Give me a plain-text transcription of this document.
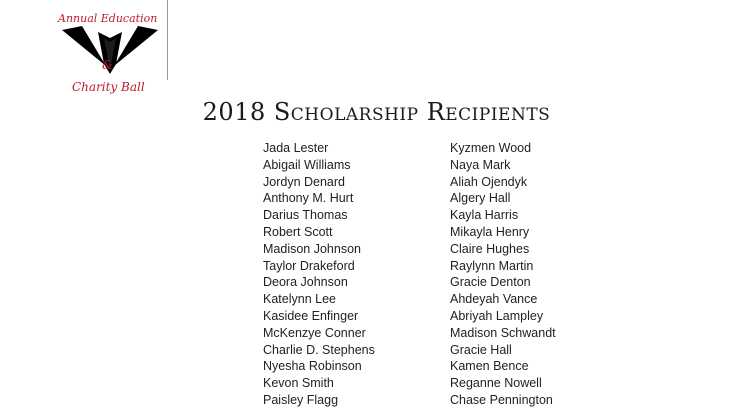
Annual Education
&
Charity Ball
2018 Scholarship Recipients
Jada Lester
Abigail Williams
Jordyn Denard
Anthony M. Hurt
Darius Thomas
Robert Scott
Madison Johnson
Taylor Drakeford
Deora Johnson
Katelynn Lee
Kasidee Enfinger
McKenzye Conner
Charlie D. Stephens
Nyesha Robinson
Kevon Smith
Paisley Flagg
Kyzmen Wood
Naya Mark
Aliah Ojendyk
Algery Hall
Kayla Harris
Mikayla Henry
Claire Hughes
Raylynn Martin
Gracie Denton
Ahdeyah Vance
Abriyah Lampley
Madison Schwandt
Gracie Hall
Kamen Bence
Reganne Nowell
Chase Pennington
